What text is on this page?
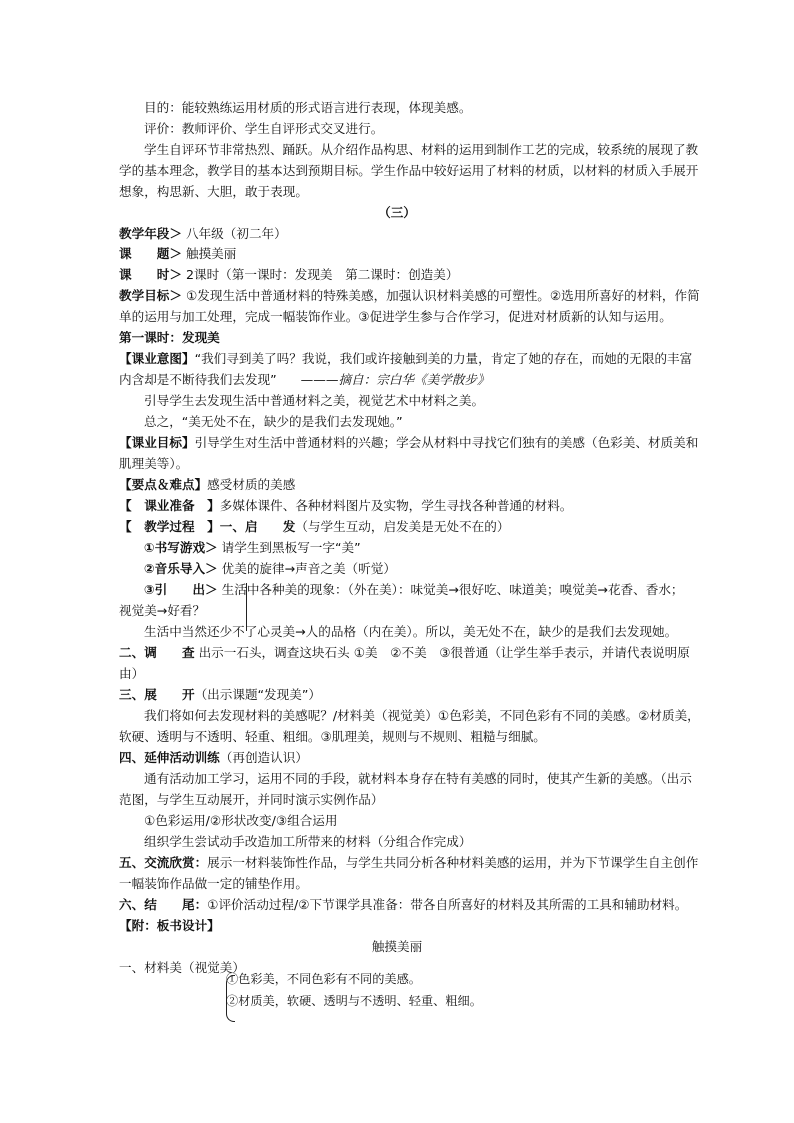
目的：能较熟练运用材质的形式语言进行表现，体现美感。
评价：教师评价、学生自评形式交叉进行。
学生自评环节非常热烈、踊跃。从介绍作品构思、材料的运用到制作工艺的完成，较系统的展现了教
学的基本理念，教学目的基本达到预期目标。学生作品中较好运用了材料的材质，以材料的材质入手展开
想象，构思新、大胆，敢于表现。
（三）
教学年段＞ 八年级（初二年）
课　　题＞ 触摸美丽
课　　时＞ 2课时（第一课时：发现美　第二课时：创造美）
教学目标＞ ①发现生活中普通材料的特殊美感，加强认识材料美感的可塑性。②选用所喜好的材料，作简
单的运用与加工处理，完成一幅装饰作业。③促进学生参与合作学习，促进对材质新的认知与运用。
第一课时：发现美
【课业意图】“我们寻到美了吗？我说，我们或许接触到美的力量，肯定了她的存在，而她的无限的丰富
内含却是不断待我们去发现” ———摘自：宗白华《美学散步》
引导学生去发现生活中普通材料之美，视觉艺术中材料之美。
总之，“美无处不在，缺少的是我们去发现她。”
【课业目标】引导学生对生活中普通材料的兴趣；学会从材料中寻找它们独有的美感（色彩美、材质美和
肌理美等）。
【要点＆难点】感受材质的美感
【　课业准备　】多媒体课件、各种材料图片及实物，学生寻找各种普通的材料。
【　教学过程　】一、启　　发（与学生互动，启发美是无处不在的）
①书写游戏＞ 请学生到黑板写一字“美”
②音乐导入＞ 优美的旋律→声音之美（听觉）
③引　　出＞ 生活中各种美的现象：（外在美）：味觉美→很好吃、味道美；嗅觉美→花香、香水；
视觉美→好看？
生活中当然还少不了心灵美→人的品格（内在美）。所以，美无处不在，缺少的是我们去发现她。
二、调　　查 出示一石头，调查这块石头 ①美　②不美　③很普通（让学生举手表示，并请代表说明原
由）
三、展　　开（出示课题“发现美”）
我们将如何去发现材料的美感呢？/材料美（视觉美）①色彩美，不同色彩有不同的美感。②材质美，
软硬、透明与不透明、轻重、粗细。③肌理美，规则与不规则、粗糙与细腻。
四、延伸活动训练（再创造认识）
通有活动加工学习，运用不同的手段，就材料本身存在特有美感的同时，使其产生新的美感。（出示
范图，与学生互动展开，并同时演示实例作品）
①色彩运用/②形状改变/③组合运用
组织学生尝试动手改造加工所带来的材料（分组合作完成）
五、交流欣赏：展示一材料装饰性作品，与学生共同分析各种材料美感的运用，并为下节课学生自主创作
一幅装饰作品做一定的铺垫作用。
六、结　　尾：①评价活动过程/②下节课学具准备：带各自所喜好的材料及其所需的工具和辅助材料。
【附：板书设计】
触摸美丽
一、材料美（视觉美）
①色彩美，不同色彩有不同的美感。
②材质美，软硬、透明与不透明、轻重、粗细。
